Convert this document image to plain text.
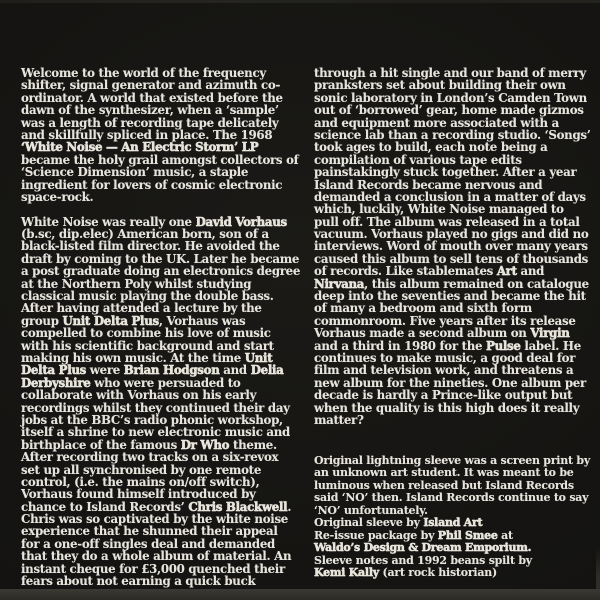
Welcome to the world of the frequency
shifter, signal generator and azimuth co-
ordinator. A world that existed before the
dawn of the synthesizer, when a ‘sample’
was a length of recording tape delicately
and skillfully spliced in place. The 1968
‘White Noise — An Electric Storm’ LP
became the holy grail amongst collectors of
‘Science Dimension’ music, a staple
ingredient for lovers of cosmic electronic
space-rock.
White Noise was really one David Vorhaus
(b.sc, dip.elec) American born, son of a
black-listed film director. He avoided the
draft by coming to the UK. Later he became
a post graduate doing an electronics degree
at the Northern Poly whilst studying
classical music playing the double bass.
After having attended a lecture by the
group Unit Delta Plus, Vorhaus was
compelled to combine his love of music
with his scientific background and start
making his own music. At the time Unit
Delta Plus were Brian Hodgson and Delia
Derbyshire who were persuaded to
collaborate with Vorhaus on his early
recordings whilst they continued their day
jobs at the BBC’s radio phonic workshop,
itself a shrine to new electronic music and
birthplace of the famous Dr Who theme.
After recording two tracks on a six-revox
set up all synchronised by one remote
control, (i.e. the mains on/off switch),
Vorhaus found himself introduced by
chance to Island Records’ Chris Blackwell.
Chris was so captivated by the white noise
experience that he shunned their appeal
for a one-off singles deal and demanded
that they do a whole album of material. An
instant cheque for £3,000 quenched their
fears about not earning a quick buck
through a hit single and our band of merry
pranksters set about building their own
sonic laboratory in London’s Camden Town
out of ‘borrowed’ gear, home made gizmos
and equipment more associated with a
science lab than a recording studio. ‘Songs’
took ages to build, each note being a
compilation of various tape edits
painstakingly stuck together. After a year
Island Records became nervous and
demanded a conclusion in a matter of days
which, luckily, White Noise managed to
pull off. The album was released in a total
vacuum. Vorhaus played no gigs and did no
interviews. Word of mouth over many years
caused this album to sell tens of thousands
of records. Like stablemates Art and
Nirvana, this album remained on catalogue
deep into the seventies and became the hit
of many a bedroom and sixth form
commonroom. Five years after its release
Vorhaus made a second album on Virgin
and a third in 1980 for the Pulse label. He
continues to make music, a good deal for
film and television work, and threatens a
new album for the nineties. One album per
decade is hardly a Prince-like output but
when the quality is this high does it really
matter?
Original lightning sleeve was a screen print by
an unknown art student. It was meant to be
luminous when released but Island Records
said ‘NO’ then. Island Records continue to say
‘NO’ unfortunately.
Original sleeve by Island Art
Re-issue package by Phil Smee at
Waldo’s Design & Dream Emporium.
Sleeve notes and 1992 beans spilt by
Kemi Kally (art rock historian)
